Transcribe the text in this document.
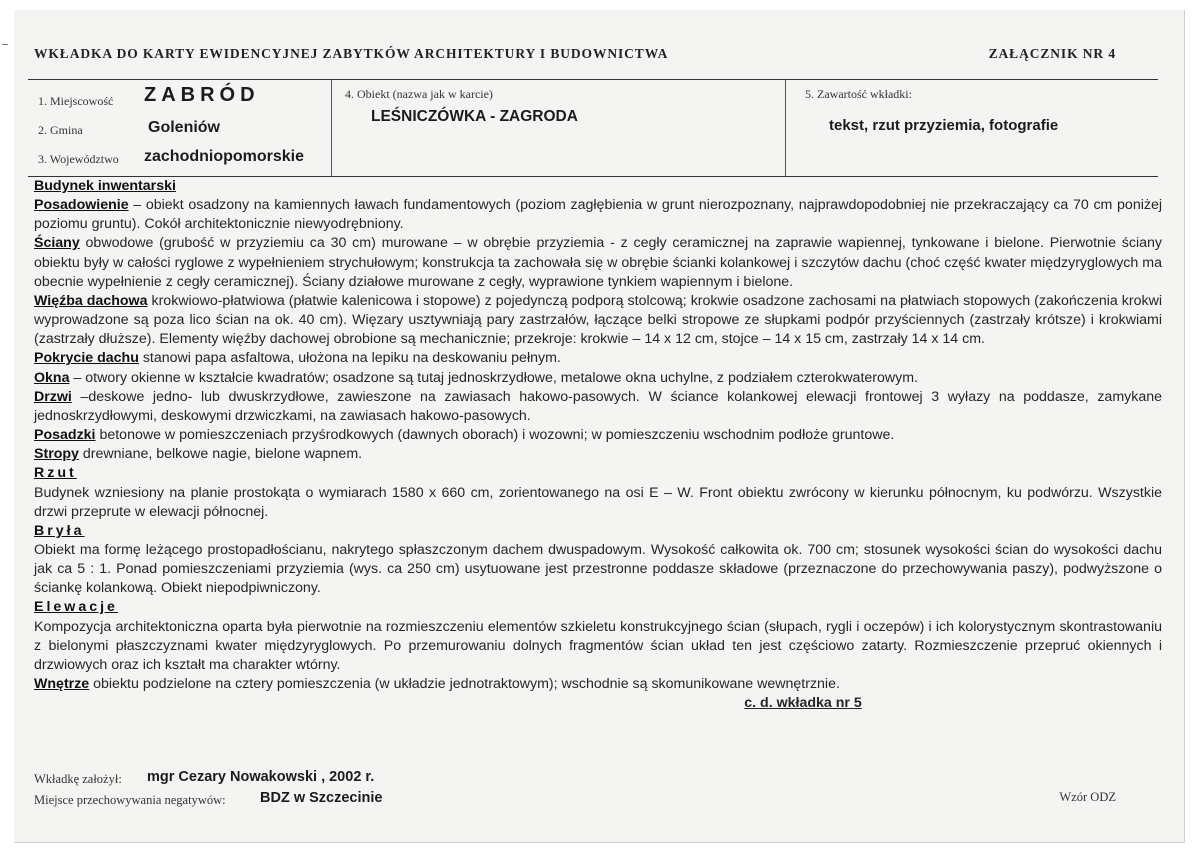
WKŁADKA DO KARTY EWIDENCYJNEJ ZABYTKÓW ARCHITEKTURY I BUDOWNICTWA	ZAŁĄCZNIK NR 4
1. Miejscowość ZABRÓD
2. Gmina	Goleniów
3. Województwo zachodniopomorskie
4. Obiekt (nazwa jak w karcie)
LEŚNICZÓWKA - ZAGRODA
5. Zawartość wkładki:
tekst, rzut przyziemia, fotografie

Budynek inwentarski

Posadowienie – obiekt osadzony na kamiennych ławach fundamentowych (poziom zagłębienia w grunt nierozpoznany, najprawdopodobniej nie przekraczający ca 70 cm poniżej poziomu gruntu). Cokół architektonicznie niewyodrębniony.

Ściany obwodowe (grubość w przyziemiu ca 30 cm) murowane – w obrębie przyziemia - z cegły ceramicznej na zaprawie wapiennej, tynkowane i bielone. Pierwotnie ściany obiektu były w całości ryglowe z wypełnieniem strychułowym; konstrukcja ta zachowała się w obrębie ścianki kolankowej i szczytów dachu (choć część kwater międzyryglowych ma obecnie wypełnienie z cegły ceramicznej). Ściany działowe murowane z cegły, wyprawione tynkiem wapiennym i bielone.

Więźba dachowa krokwiowo-płatwiowa (płatwie kalenicowa i stopowe) z pojedynczą podporą stolcową; krokwie osadzone zachosami na płatwiach stopowych (zakończenia krokwi wyprowadzone są poza lico ścian na ok. 40 cm). Więzary usztywniają pary zastrzałów, łączące belki stropowe ze słupkami podpór przyściennych (zastrzały krótsze) i krokwiami (zastrzały dłuższe). Elementy więźby dachowej obrobione są mechanicznie; przekroje: krokwie – 14 x 12 cm, stojce – 14 x 15 cm, zastrzały 14 x 14 cm.

Pokrycie dachu stanowi papa asfaltowa, ułożona na lepiku na deskowaniu pełnym.

Okna – otwory okienne w kształcie kwadratów; osadzone są tutaj jednoskrzydłowe, metalowe okna uchylne, z podziałem czterokwaterowym.

Drzwi –deskowe jedno- lub dwuskrzydłowe, zawieszone na zawiasach hakowo-pasowych. W ściance kolankowej elewacji frontowej 3 wyłazy na poddasze, zamykane jednoskrzydłowymi, deskowymi drzwiczkami, na zawiasach hakowo-pasowych.

Posadzki betonowe w pomieszczeniach przyśrodkowych (dawnych oborach) i wozowni; w pomieszczeniu wschodnim podłoże gruntowe.

Stropy drewniane, belkowe nagie, bielone wapnem.

Rzut

Budynek wzniesiony na planie prostokąta o wymiarach 1580 x 660 cm, zorientowanego na osi E – W. Front obiektu zwrócony w kierunku północnym, ku podwórzu. Wszystkie drzwi przeprute w elewacji północnej.

Bryła

Obiekt ma formę leżącego prostopadłościanu, nakrytego spłaszczonym dachem dwuspadowym. Wysokość całkowita ok. 700 cm; stosunek wysokości ścian do wysokości dachu jak ca 5 : 1. Ponad pomieszczeniami przyziemia (wys. ca 250 cm) usytuowane jest przestronne poddasze składowe (przeznaczone do przechowywania paszy), podwyższone o ściankę kolankową. Obiekt niepodpiwniczony.

Elewacje

Kompozycja architektoniczna oparta była pierwotnie na rozmieszczeniu elementów szkieletu konstrukcyjnego ścian (słupach, rygli i oczepów) i ich kolorystycznym skontrastowaniu z bielonymi płaszczyznami kwater międzyryglowych. Po przemurowaniu dolnych fragmentów ścian układ ten jest częściowo zatarty. Rozmieszczenie przepruć okiennych i drzwiowych oraz ich kształt ma charakter wtórny.

Wnętrze obiektu podzielone na cztery pomieszczenia (w układzie jednotraktowym); wschodnie są skomunikowane wewnętrznie.

c. d. wkładka nr 5

Wkładkę założył: mgr Cezary Nowakowski , 2002 r.
Miejsce przechowywania negatywów: BDZ w Szczecinie	Wzór ODZ
